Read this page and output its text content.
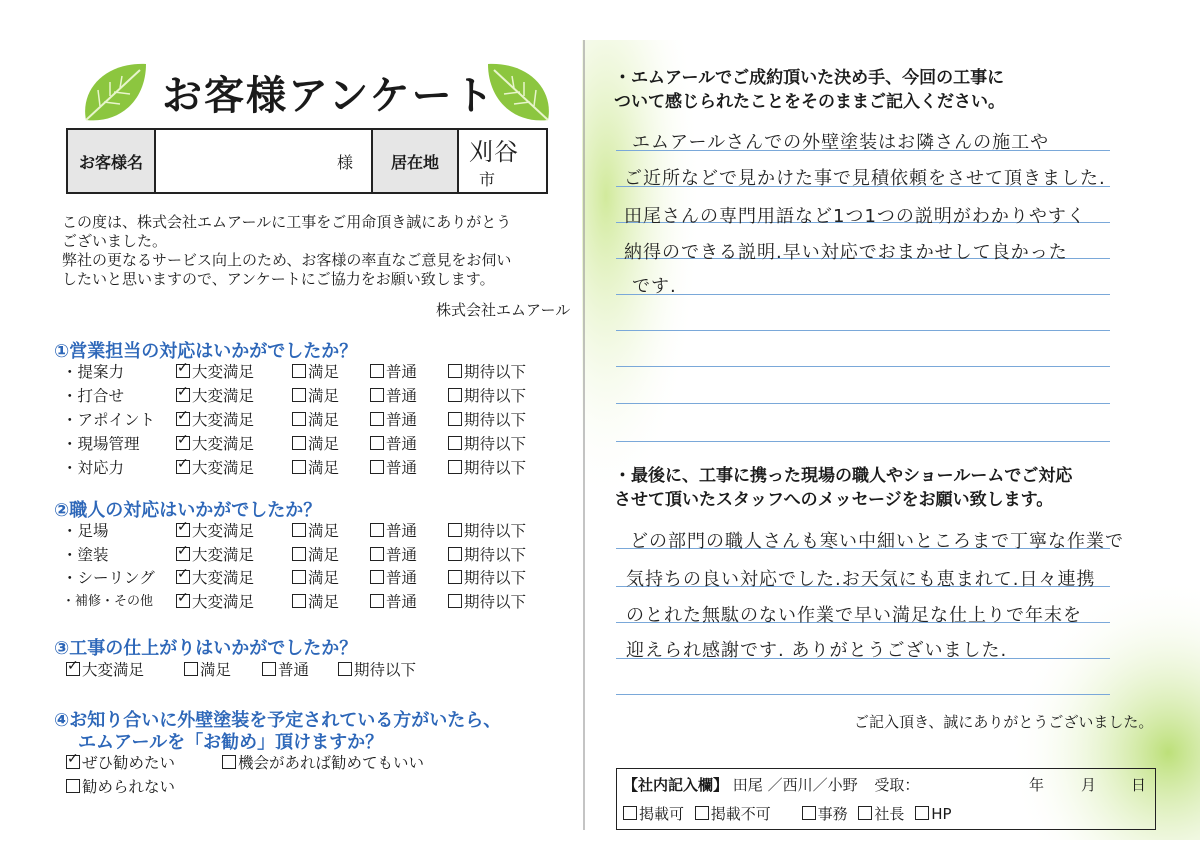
お客様アンケート
お客様名	様	居在地	刈谷 市
この度は、株式会社エムアールに工事をご用命頂き誠にありがとう
ございました。
弊社の更なるサービス向上のため、お客様の率直なご意見をお伺い
したいと思いますので、アンケートにご協力をお願い致します。
株式会社エムアール
①営業担当の対応はいかがでしたか？
・提案力 ✓	大変満足	満足	普通	期待以下
・打合せ ✓	大変満足	満足	普通	期待以下
・アポイント ✓	大変満足	満足	普通	期待以下
・現場管理 ✓	大変満足	満足	普通	期待以下
・対応力 ✓	大変満足	満足	普通	期待以下
②職人の対応はいかがでしたか？
・足場 ✓	大変満足	満足	普通	期待以下
・塗装 ✓	大変満足	満足	普通	期待以下
・シーリング ✓	大変満足	満足	普通	期待以下
・補修・その他 ✓	大変満足	満足	普通	期待以下
③工事の仕上がりはいかがでしたか？
✓大変満足	満足	普通	期待以下
④お知り合いに外壁塗装を予定されている方がいたら、
エムアールを「お勧め」頂けますか？
✓ぜひ勧めたい	機会があれば勧めてもいい
勧められない
・エムアールでご成約頂いた決め手、今回の工事に
ついて感じられたことをそのままご記入ください。
エムアールさんでの外壁塗装はお隣さんの施工や
ご近所などで見かけた事で見積依頼をさせて頂きました.
田尾さんの専門用語など1つ1つの説明がわかりやすく
納得のできる説明.早い対応でおまかせして良かった
です.
・最後に、工事に携った現場の職人やショールームでご対応
させて頂いたスタッフへのメッセージをお願い致します。
どの部門の職人さんも寒い中細いところまで丁寧な作業で
気持ちの良い対応でした.お天気にも恵まれて.日々連携
のとれた無駄のない作業で早い満足な仕上りで年末を
迎えられ感謝です. ありがとうございました.
ご記入頂き、誠にありがとうございました。
【社内記入欄】 田尾 ／西川／小野 受取：	年 月 日
掲載可 掲載不可	事務 社長 HP
